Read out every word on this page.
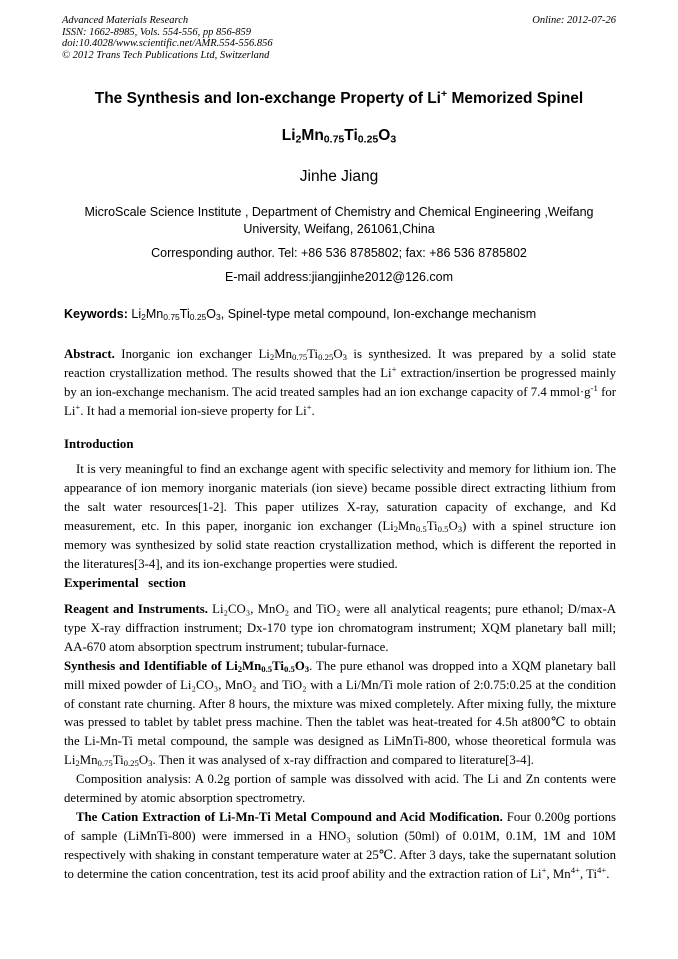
Advanced Materials Research
ISSN: 1662-8985, Vols. 554-556, pp 856-859
doi:10.4028/www.scientific.net/AMR.554-556.856
© 2012 Trans Tech Publications Ltd, Switzerland
Online: 2012-07-26
The Synthesis and Ion-exchange Property of Li+ Memorized Spinel
$Li_2Mn_{0.75}Ti_{0.25}O_3$
Jinhe Jiang
MicroScale Science Institute , Department of Chemistry and Chemical Engineering ,Weifang University, Weifang, 261061,China
Corresponding author. Tel: +86 536 8785802; fax: +86 536 8785802
E-mail address:jiangjinhe2012@126.com
Keywords: $Li_2Mn_{0.75}Ti_{0.25}O_3$, Spinel-type metal compound, Ion-exchange mechanism
Abstract. Inorganic ion exchanger $Li_2Mn_{0.75}Ti_{0.25}O_3$ is synthesized. It was prepared by a solid state reaction crystallization method. The results showed that the Li+ extraction/insertion be progressed mainly by an ion-exchange mechanism. The acid treated samples had an ion exchange capacity of 7.4 $mmol\cdot g^{-1}$ for Li+. It had a memorial ion-sieve property for Li+.
Introduction
It is very meaningful to find an exchange agent with specific selectivity and memory for lithium ion. The appearance of ion memory inorganic materials (ion sieve) became possible direct extracting lithium from the salt water resources[1-2]. This paper utilizes X-ray, saturation capacity of exchange, and Kd measurement, etc. In this paper, inorganic ion exchanger $(Li_2Mn_{0.5}Ti_{0.5}O_3)$ with a spinel structure ion memory was synthesized by solid state reaction crystallization method, which is different the reported in the literatures[3-4], and its ion-exchange properties were studied.
Experimental   section
Reagent and Instruments. Li₂CO₃, MnO₂ and TiO₂ were all analytical reagents; pure ethanol; D/max-A type X-ray diffraction instrument; Dx-170 type ion chromatogram instrument; XQM planetary ball mill; AA-670 atom absorption spectrum instrument; tubular-furnace.
Synthesis and Identifiable of $Li_2Mn_{0.5}Ti_{0.5}O_3$. The pure ethanol was dropped into a XQM planetary ball mill mixed powder of Li₂CO₃, MnO₂ and TiO₂ with a Li/Mn/Ti mole ration of 2:0.75:0.25 at the condition of constant rate churning. After 8 hours, the mixture was mixed completely. After mixing fully, the mixture was pressed to tablet by tablet press machine. Then the tablet was heat-treated for 4.5h at800℃ to obtain the Li-Mn-Ti metal compound, the sample was designed as LiMnTi-800, whose theoretical formula was $Li_2Mn_{0.75}Ti_{0.25}O_3$. Then it was analysed of x-ray diffraction and compared to literature[3-4].
Composition analysis: A 0.2g portion of sample was dissolved with acid. The Li and Zn contents were determined by atomic absorption spectrometry.
The Cation Extraction of Li-Mn-Ti Metal Compound and Acid Modification. Four 0.200g portions of sample (LiMnTi-800) were immersed in a HNO₃ solution (50ml) of 0.01M, 0.1M, 1M and 10M respectively with shaking in constant temperature water at 25℃. After 3 days, take the supernatant solution to determine the cation concentration, test its acid proof ability and the extraction ration of Li+, $Mn^{4+}$, $Ti^{4+}$.
